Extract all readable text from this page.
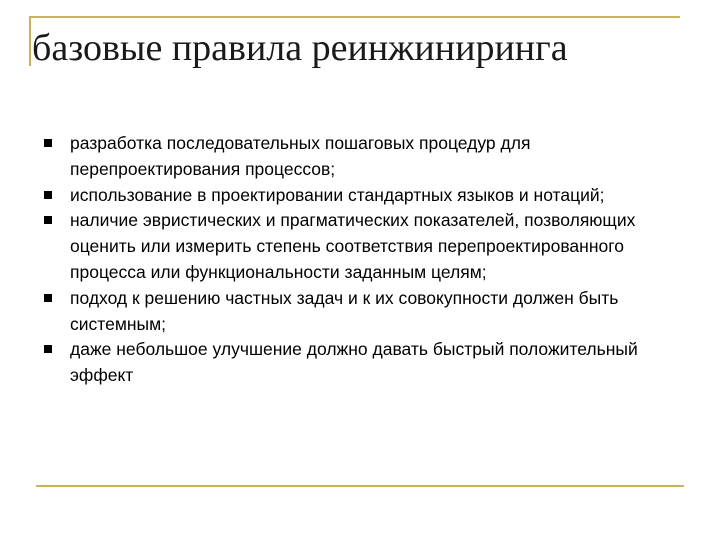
базовые правила реинжиниринга
разработка последовательных пошаговых процедур для перепроектирования процессов;
использование в проектировании стандартных языков и нотаций;
наличие эвристических и прагматических показателей, позволяющих оценить или измерить степень соответствия перепроектированного процесса или функциональности заданным целям;
подход к решению частных задач и к их совокупности должен быть системным;
даже небольшое улучшение должно давать быстрый положительный эффект
